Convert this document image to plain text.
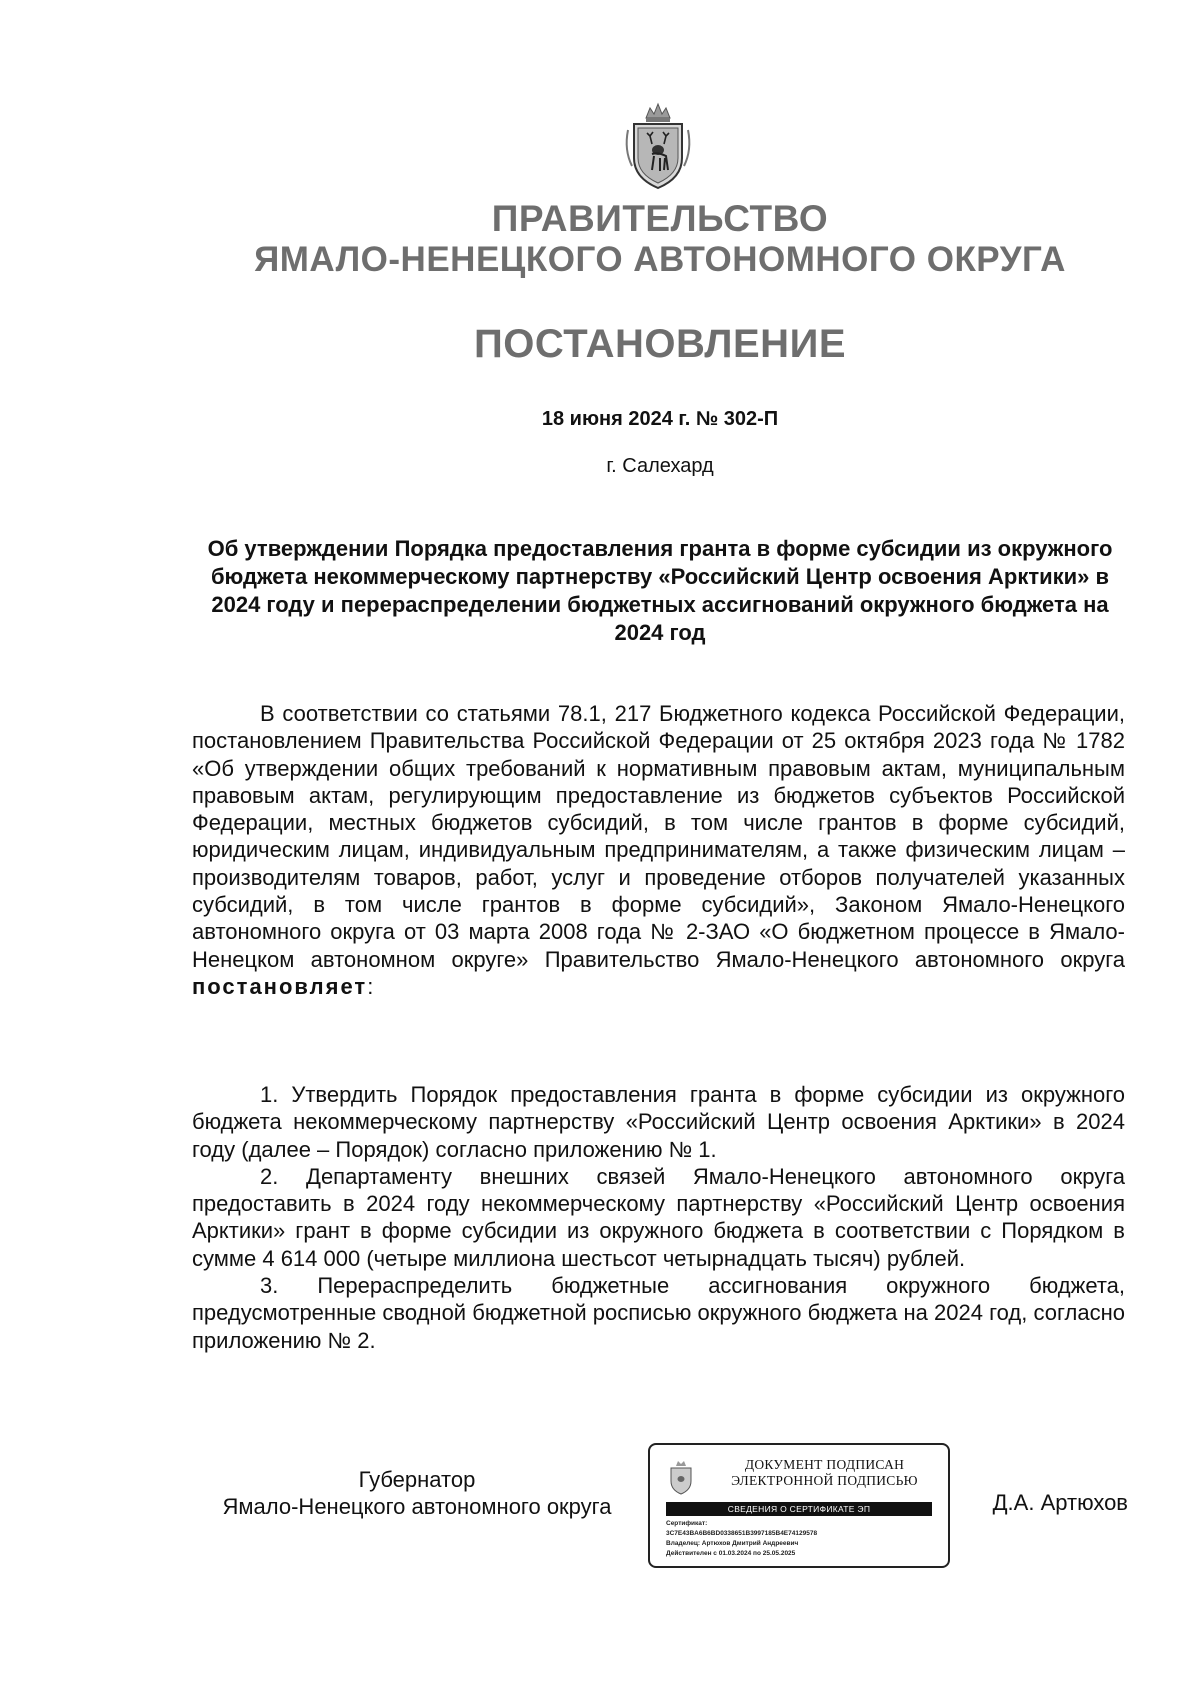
ПРАВИТЕЛЬСТВО
ЯМАЛО-НЕНЕЦКОГО АВТОНОМНОГО ОКРУГА
ПОСТАНОВЛЕНИЕ
18 июня 2024 г. № 302-П
г. Салехард
Об утверждении Порядка предоставления гранта в форме субсидии из окружного бюджета некоммерческому партнерству «Российский Центр освоения Арктики» в 2024 году и перераспределении бюджетных ассигнований окружного бюджета на 2024 год
В соответствии со статьями 78.1, 217 Бюджетного кодекса Российской Федерации, постановлением Правительства Российской Федерации от 25 октября 2023 года № 1782 «Об утверждении общих требований к нормативным правовым актам, муниципальным правовым актам, регулирующим предоставление из бюджетов субъектов Российской Федерации, местных бюджетов субсидий, в том числе грантов в форме субсидий, юридическим лицам, индивидуальным предпринимателям, а также физическим лицам – производителям товаров, работ, услуг и проведение отборов получателей указанных субсидий, в том числе грантов в форме субсидий», Законом Ямало-Ненецкого автономного округа от 03 марта 2008 года № 2-ЗАО «О бюджетном процессе в Ямало-Ненецком автономном округе» Правительство Ямало-Ненецкого автономного округа постановляет:

1. Утвердить Порядок предоставления гранта в форме субсидии из окружного бюджета некоммерческому партнерству «Российский Центр освоения Арктики» в 2024 году (далее – Порядок) согласно приложению № 1.

2. Департаменту внешних связей Ямало-Ненецкого автономного округа предоставить в 2024 году некоммерческому партнерству «Российский Центр освоения Арктики» грант в форме субсидии из окружного бюджета в соответствии с Порядком в сумме 4 614 000 (четыре миллиона шестьсот четырнадцать тысяч) рублей.

3. Перераспределить бюджетные ассигнования окружного бюджета, предусмотренные сводной бюджетной росписью окружного бюджета на 2024 год, согласно приложению № 2.

Губернатор
Ямало-Ненецкого автономного округа
ДОКУМЕНТ ПОДПИСАН
ЭЛЕКТРОННОЙ ПОДПИСЬЮ
СВЕДЕНИЯ О СЕРТИФИКАТЕ ЭП
Сертификат:
3C7E43BA6B6BD0338651B3997185B4E74129578
Владелец: Артюхов Дмитрий Андреевич
Действителен с 01.03.2024 по 25.05.2025
Д.А. Артюхов
